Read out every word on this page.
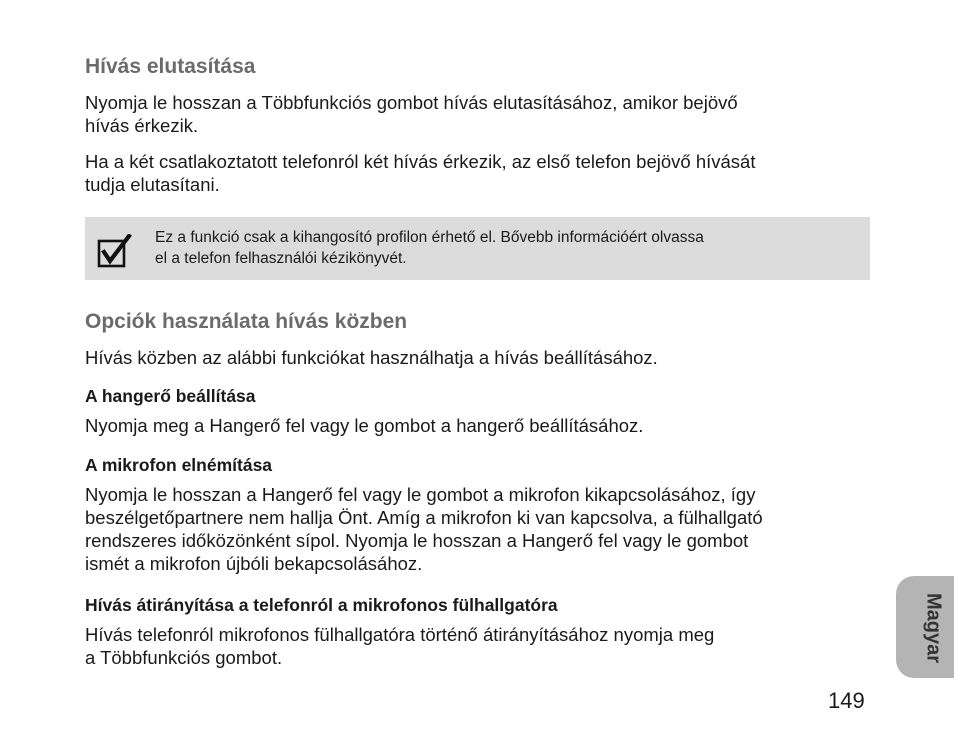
Hívás elutasítása
Nyomja le hosszan a Többfunkciós gombot hívás elutasításához, amikor bejövő
hívás érkezik.
Ha a két csatlakoztatott telefonról két hívás érkezik, az első telefon bejövő hívását
tudja elutasítani.
Ez a funkció csak a kihangosító profilon érhető el. Bővebb információért olvassa
el a telefon felhasználói kézikönyvét.
Opciók használata hívás közben
Hívás közben az alábbi funkciókat használhatja a hívás beállításához.
A hangerő beállítása
Nyomja meg a Hangerő fel vagy le gombot a hangerő beállításához.
A mikrofon elnémítása
Nyomja le hosszan a Hangerő fel vagy le gombot a mikrofon kikapcsolásához, így
beszélgetőpartnere nem hallja Önt. Amíg a mikrofon ki van kapcsolva, a fülhallgató
rendszeres időközönként sípol. Nyomja le hosszan a Hangerő fel vagy le gombot
ismét a mikrofon újbóli bekapcsolásához.
Hívás átirányítása a telefonról a mikrofonos fülhallgatóra
Hívás telefonról mikrofonos fülhallgatóra történő átirányításához nyomja meg
a Többfunkciós gombot.	Magyar
149
